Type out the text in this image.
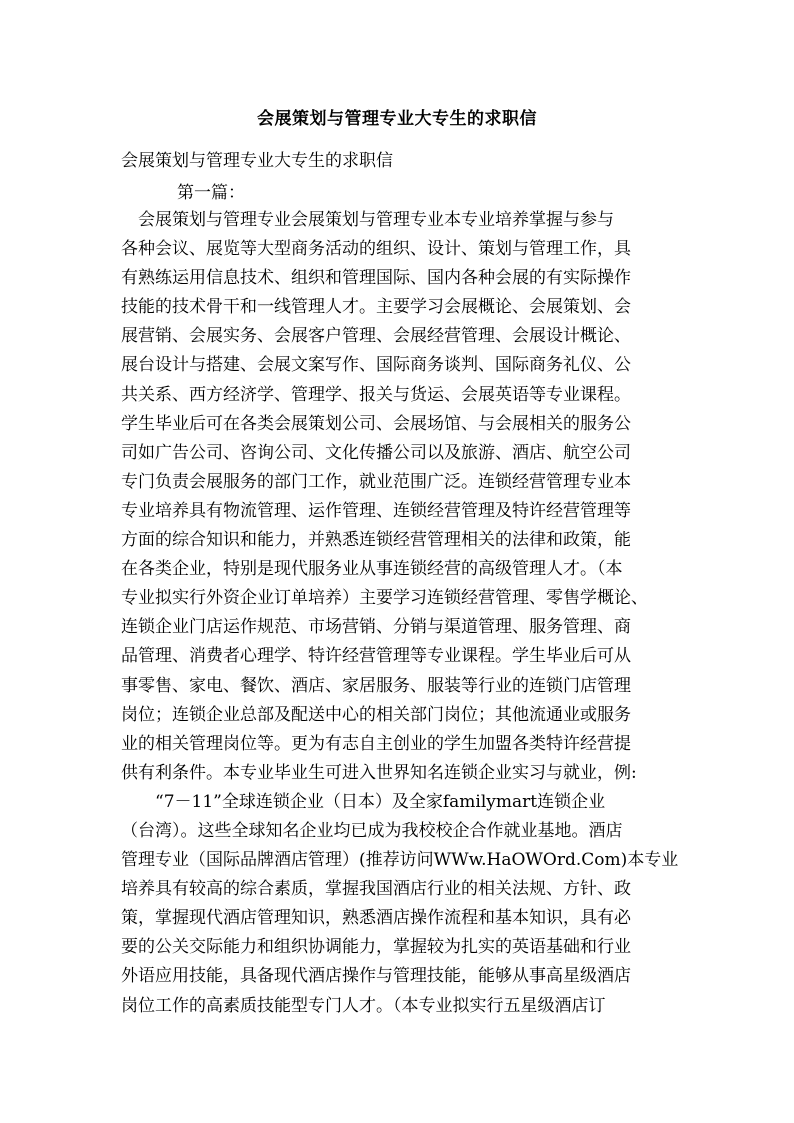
会展策划与管理专业大专生的求职信
会展策划与管理专业大专生的求职信
第一篇：
　会展策划与管理专业会展策划与管理专业本专业培养掌握与参与
各种会议、展览等大型商务活动的组织、设计、策划与管理工作，具
有熟练运用信息技术、组织和管理国际、国内各种会展的有实际操作
技能的技术骨干和一线管理人才。主要学习会展概论、会展策划、会
展营销、会展实务、会展客户管理、会展经营管理、会展设计概论、
展台设计与搭建、会展文案写作、国际商务谈判、国际商务礼仪、公
共关系、西方经济学、管理学、报关与货运、会展英语等专业课程。
学生毕业后可在各类会展策划公司、会展场馆、与会展相关的服务公
司如广告公司、咨询公司、文化传播公司以及旅游、酒店、航空公司
专门负责会展服务的部门工作，就业范围广泛。连锁经营管理专业本
专业培养具有物流管理、运作管理、连锁经营管理及特许经营管理等
方面的综合知识和能力，并熟悉连锁经营管理相关的法律和政策，能
在各类企业，特别是现代服务业从事连锁经营的高级管理人才。（本
专业拟实行外资企业订单培养）主要学习连锁经营管理、零售学概论、
连锁企业门店运作规范、市场营销、分销与渠道管理、服务管理、商
品管理、消费者心理学、特许经营管理等专业课程。学生毕业后可从
事零售、家电、餐饮、酒店、家居服务、服装等行业的连锁门店管理
岗位；连锁企业总部及配送中心的相关部门岗位；其他流通业或服务
业的相关管理岗位等。更为有志自主创业的学生加盟各类特许经营提
供有利条件。本专业毕业生可进入世界知名连锁企业实习与就业，例:
　　“7－11”全球连锁企业（日本）及全家familymart连锁企业
（台湾）。这些全球知名企业均已成为我校校企合作就业基地。酒店
管理专业（国际品牌酒店管理）(推荐访问WWw.HaOWOrd.Com)本专业
培养具有较高的综合素质，掌握我国酒店行业的相关法规、方针、政
策，掌握现代酒店管理知识，熟悉酒店操作流程和基本知识，具有必
要的公关交际能力和组织协调能力，掌握较为扎实的英语基础和行业
外语应用技能，具备现代酒店操作与管理技能，能够从事高星级酒店
岗位工作的高素质技能型专门人才。（本专业拟实行五星级酒店订
